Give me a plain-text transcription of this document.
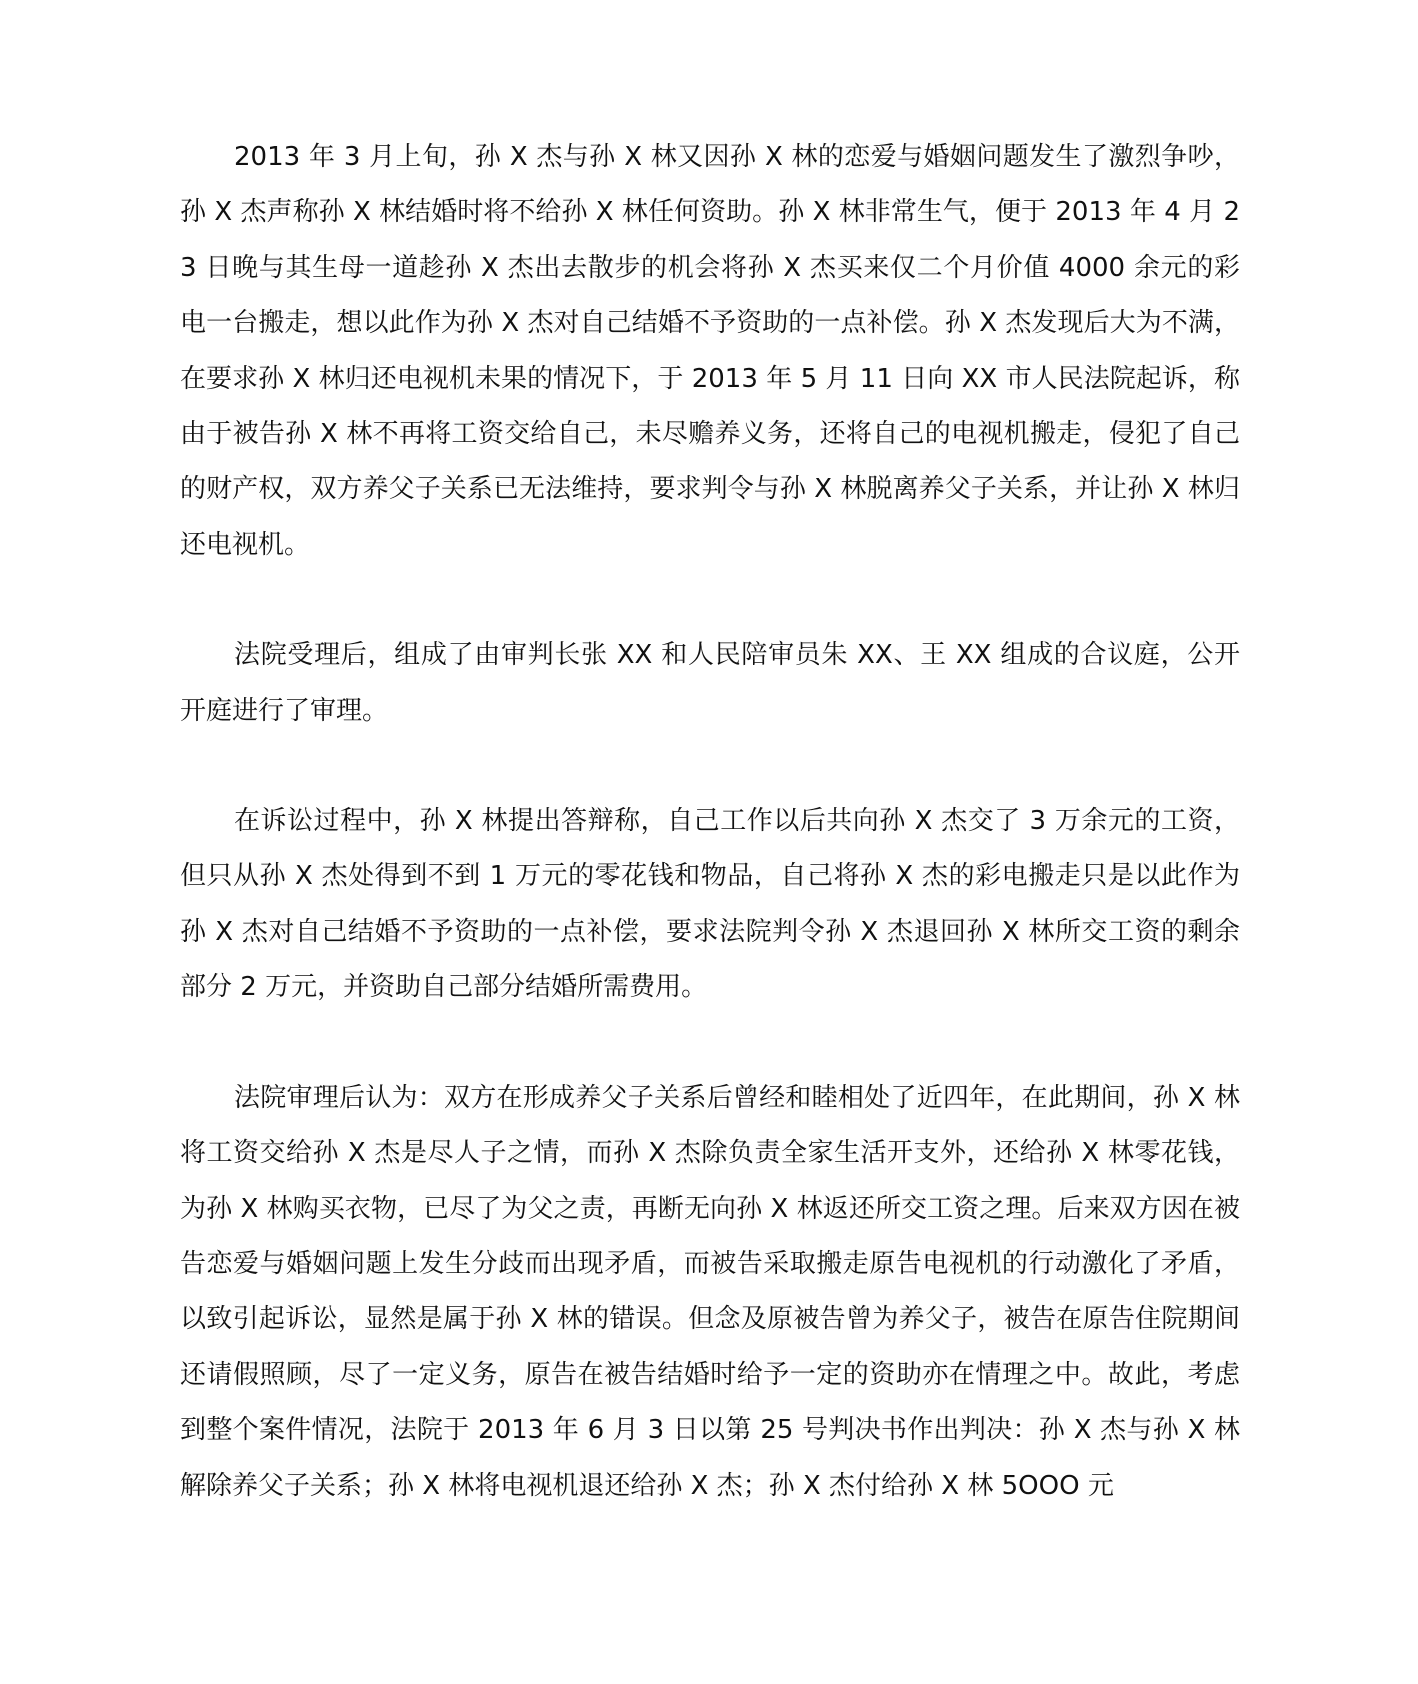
2013 年 3 月上旬，孙 X 杰与孙 X 林又因孙 X 林的恋爱与婚姻问题发生了激烈争吵，孙 X 杰声称孙 X 林结婚时将不给孙 X 林任何资助。孙 X 林非常生气，便于 2013 年 4 月 23 日晚与其生母一道趁孙 X 杰出去散步的机会将孙 X 杰买来仅二个月价值 4000 余元的彩电一台搬走，想以此作为孙 X 杰对自己结婚不予资助的一点补偿。孙 X 杰发现后大为不满，在要求孙 X 林归还电视机未果的情况下，于 2013 年 5 月 11 日向 XX 市人民法院起诉，称由于被告孙 X 林不再将工资交给自己，未尽赡养义务，还将自己的电视机搬走，侵犯了自己的财产权，双方养父子关系已无法维持，要求判令与孙 X 林脱离养父子关系，并让孙 X 林归还电视机。

法院受理后，组成了由审判长张 XX 和人民陪审员朱 XX、王 XX 组成的合议庭，公开开庭进行了审理。

在诉讼过程中，孙 X 林提出答辩称，自己工作以后共向孙 X 杰交了 3 万余元的工资，但只从孙 X 杰处得到不到 1 万元的零花钱和物品，自己将孙 X 杰的彩电搬走只是以此作为孙 X 杰对自己结婚不予资助的一点补偿，要求法院判令孙 X 杰退回孙 X 林所交工资的剩余部分 2 万元，并资助自己部分结婚所需费用。

法院审理后认为：双方在形成养父子关系后曾经和睦相处了近四年，在此期间，孙 X 林将工资交给孙 X 杰是尽人子之情，而孙 X 杰除负责全家生活开支外，还给孙 X 林零花钱，为孙 X 林购买衣物，已尽了为父之责，再断无向孙 X 林返还所交工资之理。后来双方因在被告恋爱与婚姻问题上发生分歧而出现矛盾，而被告采取搬走原告电视机的行动激化了矛盾，以致引起诉讼，显然是属于孙 X 林的错误。但念及原被告曾为养父子，被告在原告住院期间还请假照顾，尽了一定义务，原告在被告结婚时给予一定的资助亦在情理之中。故此，考虑到整个案件情况，法院于 2013 年 6 月 3 日以第 25 号判决书作出判决：孙 X 杰与孙 X 林解除养父子关系；孙 X 林将电视机退还给孙 X 杰；孙 X 杰付给孙 X 林 5OOO 元
